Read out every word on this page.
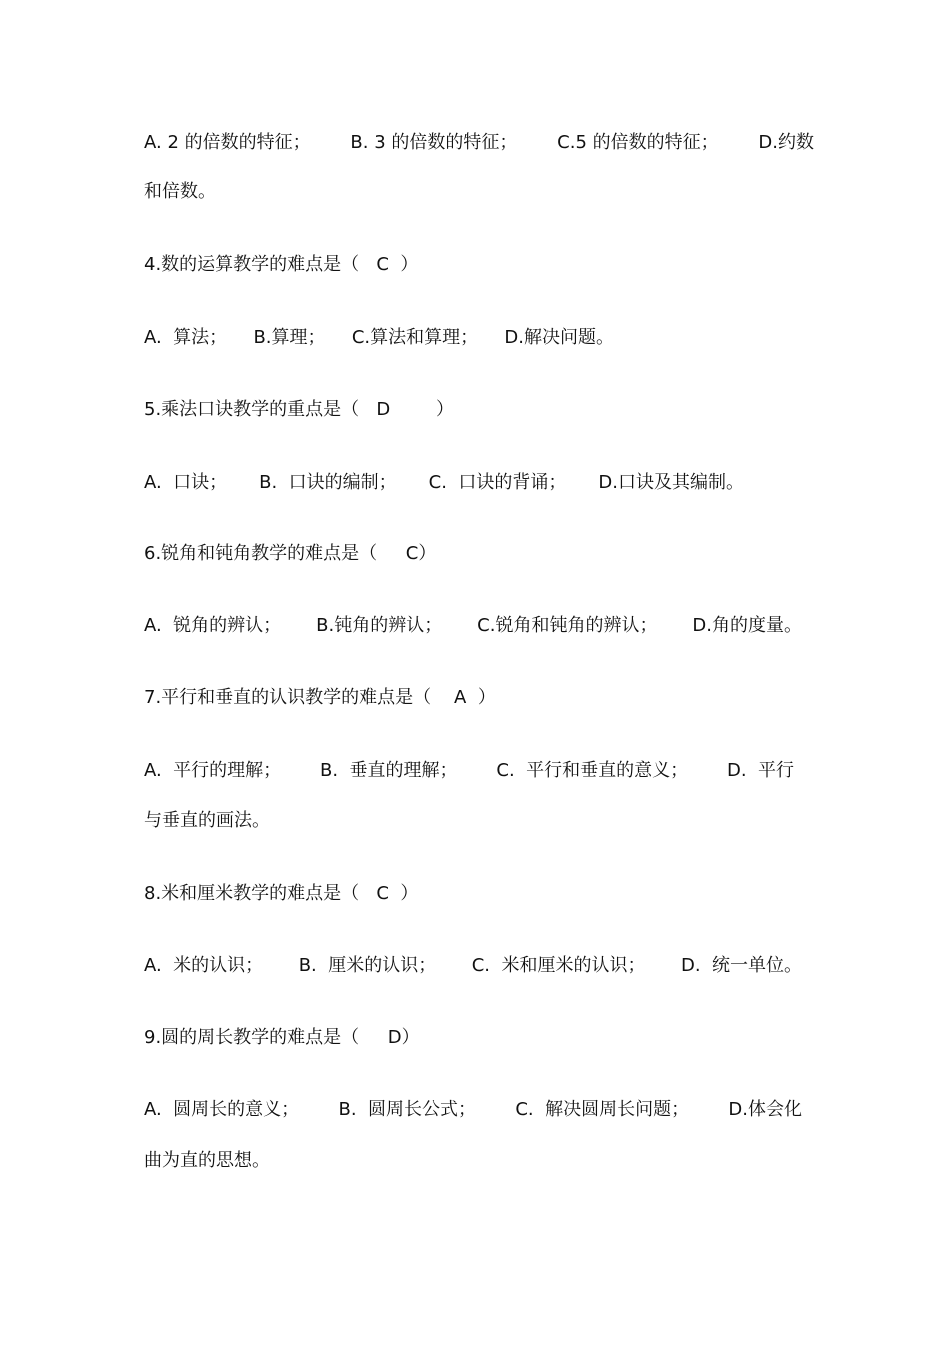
A. 2 的倍数的特征； B. 3 的倍数的特征； C.5 的倍数的特征； D.约数
和倍数。
4.数的运算教学的难点是（   C  ）
A.  算法； B.算理； C.算法和算理； D.解决问题。
5.乘法口诀教学的重点是（   D        ）
A.  口诀； B.  口诀的编制； C.  口诀的背诵； D.口诀及其编制。
6.锐角和钝角教学的难点是（     C）
A.  锐角的辨认； B.钝角的辨认； C.锐角和钝角的辨认； D.角的度量。
7.平行和垂直的认识教学的难点是（    A  ）
A.  平行的理解； B.  垂直的理解； C.  平行和垂直的意义； D.  平行
与垂直的画法。
8.米和厘米教学的难点是（   C  ）
A.  米的认识； B.  厘米的认识； C.  米和厘米的认识； D.  统一单位。
9.圆的周长教学的难点是（     D）
A.  圆周长的意义； B.  圆周长公式； C.  解决圆周长问题； D.体会化
曲为直的思想。
